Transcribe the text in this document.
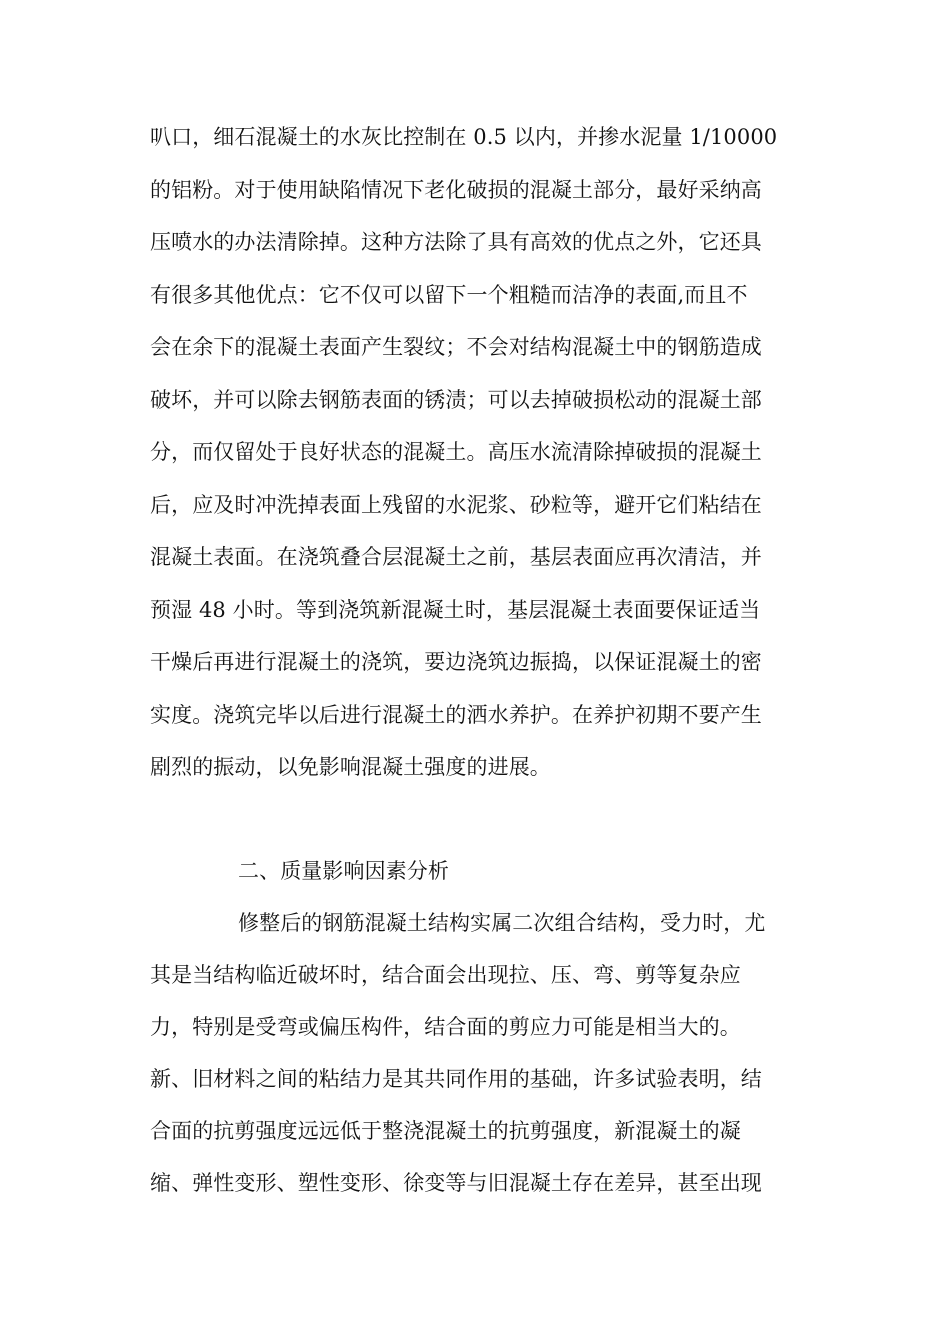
叭口，细石混凝土的水灰比控制在 0.5 以内，并掺水泥量 1/10000
的铝粉。对于使用缺陷情况下老化破损的混凝土部分，最好采纳高
压喷水的办法清除掉。这种方法除了具有高效的优点之外，它还具
有很多其他优点：它不仅可以留下一个粗糙而洁净的表面,而且不
会在余下的混凝土表面产生裂纹；不会对结构混凝土中的钢筋造成
破坏，并可以除去钢筋表面的锈渍；可以去掉破损松动的混凝土部
分，而仅留处于良好状态的混凝土。高压水流清除掉破损的混凝土
后，应及时冲洗掉表面上残留的水泥浆、砂粒等，避开它们粘结在
混凝土表面。在浇筑叠合层混凝土之前，基层表面应再次清洁，并
预湿 48 小时。等到浇筑新混凝土时，基层混凝土表面要保证适当
干燥后再进行混凝土的浇筑，要边浇筑边振捣，以保证混凝土的密
实度。浇筑完毕以后进行混凝土的洒水养护。在养护初期不要产生
剧烈的振动，以免影响混凝土强度的进展。
二、质量影响因素分析
修整后的钢筋混凝土结构实属二次组合结构，受力时，尤
其是当结构临近破坏时，结合面会出现拉、压、弯、剪等复杂应
力，特别是受弯或偏压构件，结合面的剪应力可能是相当大的。
新、旧材料之间的粘结力是其共同作用的基础，许多试验表明，结
合面的抗剪强度远远低于整浇混凝土的抗剪强度，新混凝土的凝
缩、弹性变形、塑性变形、徐变等与旧混凝土存在差异，甚至出现
